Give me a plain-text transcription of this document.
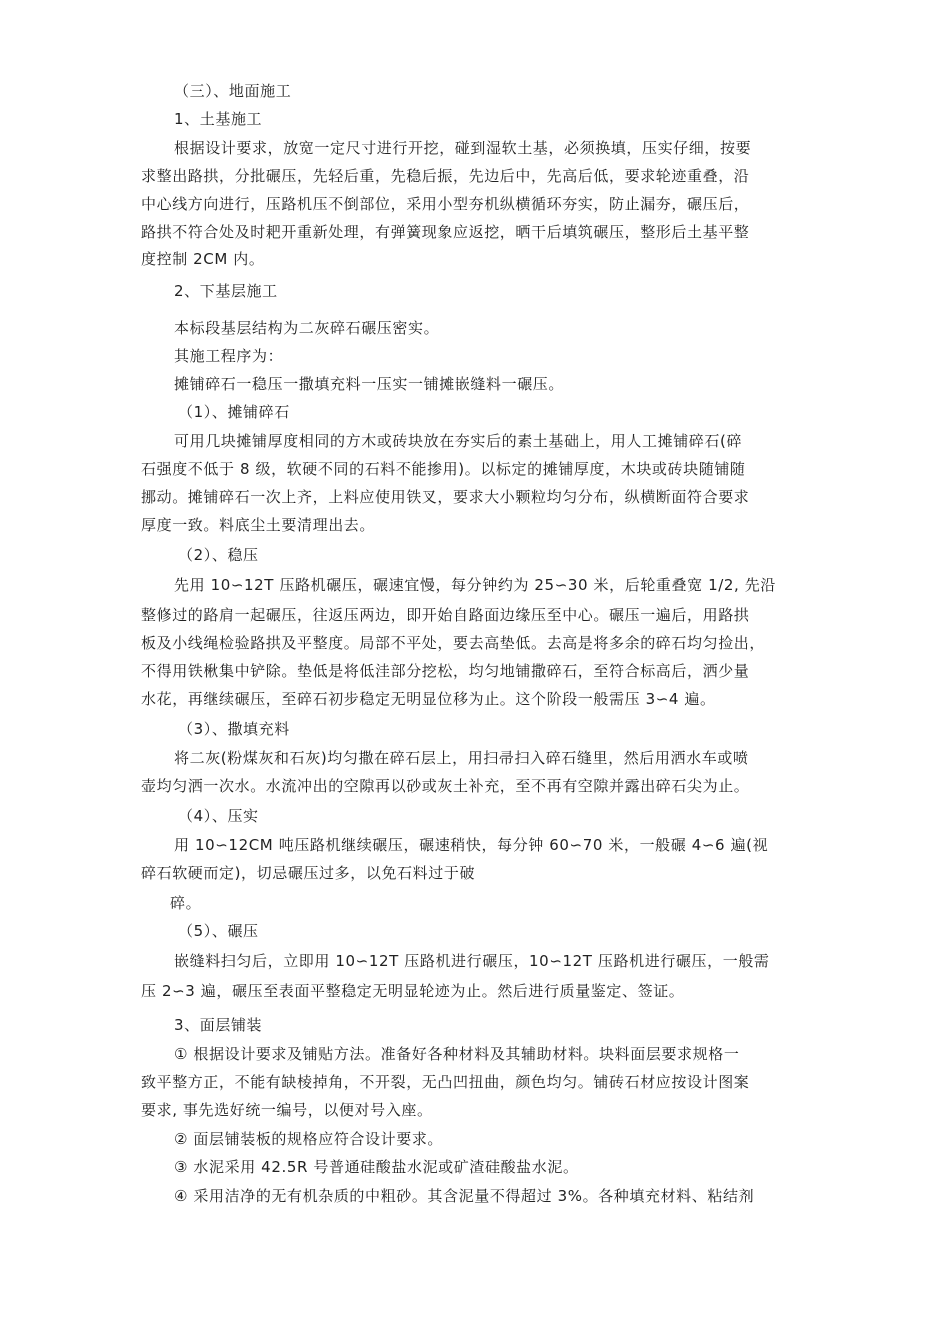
（三）、地面施工

1、土基施工

根据设计要求，放宽一定尺寸进行开挖，碰到湿软土基，必须换填，压实仔细，按要

求整出路拱，分批碾压，先轻后重，先稳后振，先边后中，先高后低，要求轮迹重叠，沿

中心线方向进行，压路机压不倒部位，采用小型夯机纵横循环夯实，防止漏夯，碾压后，

路拱不符合处及时耙开重新处理，有弹簧现象应返挖，晒干后填筑碾压，整形后土基平整

度控制 2CM 内。

2、下基层施工

本标段基层结构为二灰碎石碾压密实。

其施工程序为：

摊铺碎石一稳压一撒填充料一压实一铺摊嵌缝料一碾压。

（1）、摊铺碎石

可用几块摊铺厚度相同的方木或砖块放在夯实后的素土基础上，用人工摊铺碎石(碎

石强度不低于 8 级，软硬不同的石料不能掺用)。以标定的摊铺厚度，木块或砖块随铺随

挪动。摊铺碎石一次上齐，上料应使用铁叉，要求大小颗粒均匀分布，纵横断面符合要求

厚度一致。料底尘土要清理出去。

（2）、稳压

先用 10∽12T 压路机碾压，碾速宜慢，每分钟约为 25∽30 米，后轮重叠宽 1/2, 先沿

整修过的路肩一起碾压，往返压两边，即开始自路面边缘压至中心。碾压一遍后，用路拱

板及小线绳检验路拱及平整度。局部不平处，要去高垫低。去高是将多余的碎石均匀捡出，

不得用铁楸集中铲除。垫低是将低洼部分挖松，均匀地铺撒碎石，至符合标高后，洒少量

水花，再继续碾压，至碎石初步稳定无明显位移为止。这个阶段一般需压 3∽4 遍。

（3）、撒填充料

将二灰(粉煤灰和石灰)均匀撒在碎石层上，用扫帚扫入碎石缝里，然后用洒水车或喷

壶均匀洒一次水。水流冲出的空隙再以砂或灰土补充，至不再有空隙并露出碎石尖为止。

（4）、压实

用 10∽12CM 吨压路机继续碾压，碾速稍快，每分钟 60∽70 米，一般碾 4∽6 遍(视

碎石软硬而定)，切忌碾压过多，以免石料过于破

碎。

（5）、碾压

嵌缝料扫匀后，立即用 10∽12T 压路机进行碾压，10∽12T 压路机进行碾压，一般需

压 2∽3 遍，碾压至表面平整稳定无明显轮迹为止。然后进行质量鉴定、签证。

3、面层铺装

① 根据设计要求及铺贴方法。准备好各种材料及其辅助材料。块料面层要求规格一

致平整方正，不能有缺棱掉角，不开裂，无凸凹扭曲，颜色均匀。铺砖石材应按设计图案

要求, 事先选好统一编号，以便对号入座。

② 面层铺装板的规格应符合设计要求。

③ 水泥采用 42.5R 号普通硅酸盐水泥或矿渣硅酸盐水泥。

④ 采用洁净的无有机杂质的中粗砂。其含泥量不得超过 3%。各种填充材料、粘结剂
